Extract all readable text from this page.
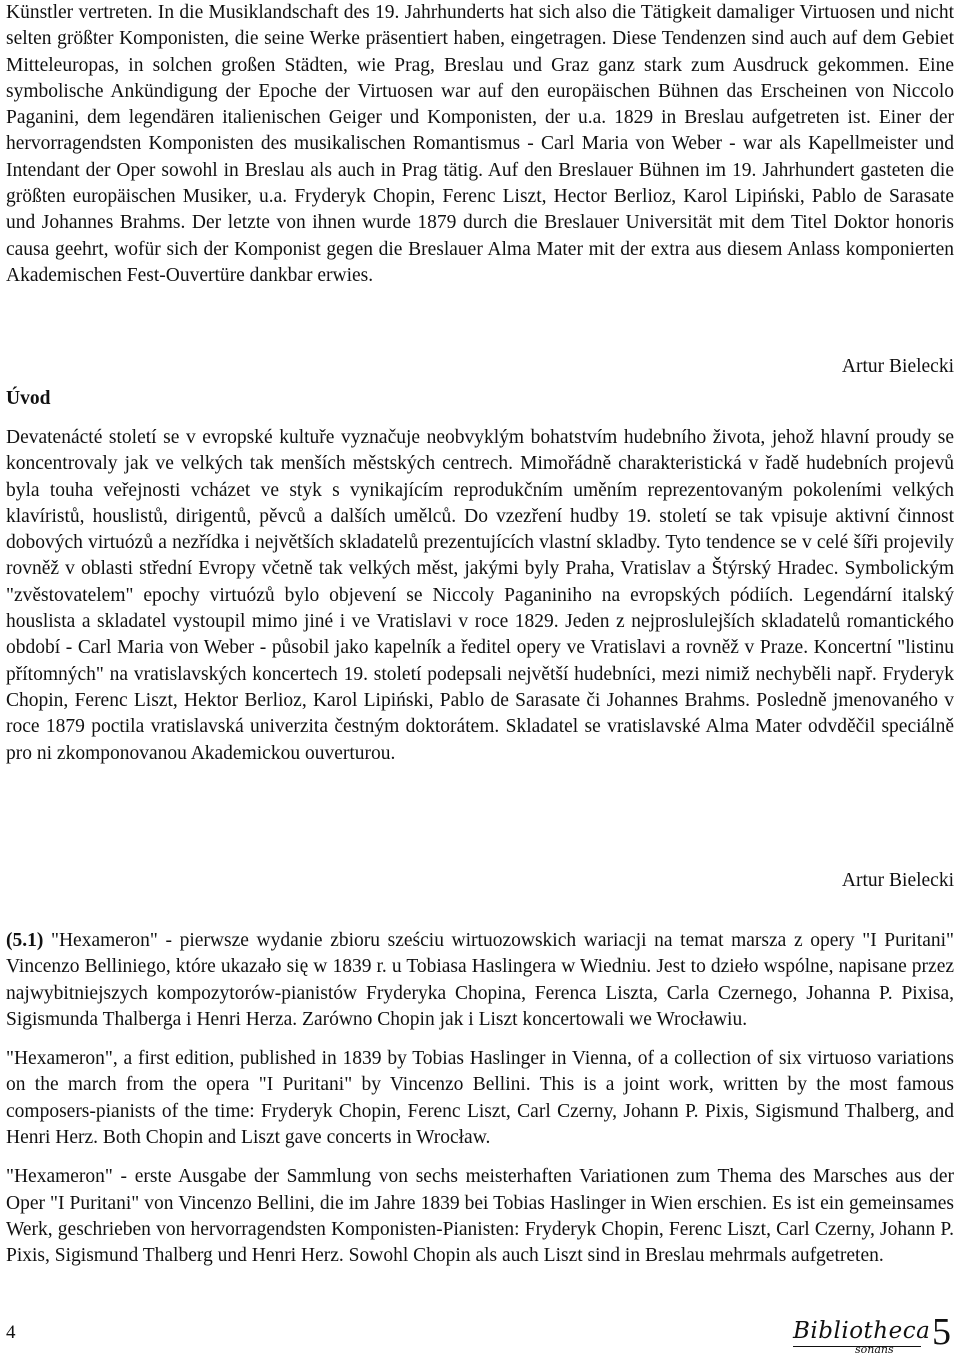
Künstler vertreten. In die Musiklandschaft des 19. Jahrhunderts hat sich also die Tätigkeit damaliger Virtuosen und nicht selten größter Komponisten, die seine Werke präsentiert haben, eingetragen. Diese Tendenzen sind auch auf dem Gebiet Mitteleuropas, in solchen großen Städten, wie Prag, Breslau und Graz ganz stark zum Ausdruck gekommen. Eine symbolische Ankündigung der Epoche der Virtuosen war auf den europäischen Bühnen das Erscheinen von Niccolo Paganini, dem legendären italienischen Geiger und Komponisten, der u.a. 1829 in Breslau aufgetreten ist. Einer der hervorragendsten Komponisten des musikalischen Romantismus - Carl Maria von Weber - war als Kapellmeister und Intendant der Oper sowohl in Breslau als auch in Prag tätig. Auf den Breslauer Bühnen im 19. Jahrhundert gasteten die größten europäischen Musiker, u.a. Fryderyk Chopin, Ferenc Liszt, Hector Berlioz, Karol Lipiński, Pablo de Sarasate und Johannes Brahms. Der letzte von ihnen wurde 1879 durch die Breslauer Universität mit dem Titel Doktor honoris causa geehrt, wofür sich der Komponist gegen die Breslauer Alma Mater mit der extra aus diesem Anlass komponierten Akademischen Fest-Ouvertüre dankbar erwies.

Artur Bielecki

Úvod

Devatenácté století se v evropské kultuře vyznačuje neobvyklým bohatstvím hudebního života, jehož hlavní proudy se koncentrovaly jak ve velkých tak menších městských centrech. Mimořádně charakteristická v řadě hudebních projevů byla touha veřejnosti vcházet ve styk s vynikajícím reprodukčním uměním reprezentovaným pokoleními velkých klavíristů, houslistů, dirigentů, pěvců a dalších umělců. Do vzezření hudby 19. století se tak vpisuje aktivní činnost dobových virtuózů a nezřídka i největších skladatelů prezentujících vlastní skladby. Tyto tendence se v celé šíři projevily rovněž v oblasti střední Evropy včetně tak velkých měst, jakými byly Praha, Vratislav a Štýrský Hradec. Symbolickým "zvěstovatelem" epochy virtuózů bylo objevení se Niccoly Paganiniho na evropských pódiích. Legendární italský houslista a skladatel vystoupil mimo jiné i ve Vratislavi v roce 1829. Jeden z nejproslulejších skladatelů romantického období - Carl Maria von Weber - působil jako kapelník a ředitel opery ve Vratislavi a rovněž v Praze. Koncertní "listinu přítomných" na vratislavských koncertech 19. století podepsali největší hudebníci, mezi nimiž nechyběli např. Fryderyk Chopin, Ferenc Liszt, Hektor Berlioz, Karol Lipiński, Pablo de Sarasate či Johannes Brahms. Posledně jmenovaného v roce 1879 poctila vratislavská univerzita čestným doktorátem. Skladatel se vratislavské Alma Mater odvděčil speciálně pro ni zkomponovanou Akademickou ouverturou.

Artur Bielecki

(5.1) "Hexameron" - pierwsze wydanie zbioru sześciu wirtuozowskich wariacji na temat marsza z opery "I Puritani" Vincenzo Belliniego, które ukazało się w 1839 r. u Tobiasa Haslingera w Wiedniu. Jest to dzieło wspólne, napisane przez najwybitniejszych kompozytorów-pianistów Fryderyka Chopina, Ferenca Liszta, Carla Czernego, Johanna P. Pixisa, Sigismunda Thalberga i Henri Herza. Zarówno Chopin jak i Liszt koncertowali we Wrocławiu.

"Hexameron", a first edition, published in 1839 by Tobias Haslinger in Vienna, of a collection of six virtuoso variations on the march from the opera "I Puritani" by Vincenzo Bellini. This is a joint work, written by the most famous composers-pianists of the time: Fryderyk Chopin, Ferenc Liszt, Carl Czerny, Johann P. Pixis, Sigismund Thalberg, and Henri Herz. Both Chopin and Liszt gave concerts in Wrocław.

"Hexameron" - erste Ausgabe der Sammlung von sechs meisterhaften Variationen zum Thema des Marsches aus der Oper "I Puritani" von Vincenzo Bellini, die im Jahre 1839 bei Tobias Haslinger in Wien erschien. Es ist ein gemeinsames Werk, geschrieben von hervorragendsten Komponisten-Pianisten: Fryderyk Chopin, Ferenc Liszt, Carl Czerny, Johann P. Pixis, Sigismund Thalberg und Henri Herz. Sowohl Chopin als auch Liszt sind in Breslau mehrmals aufgetreten.

4	Bibliotheca
sonans 5
